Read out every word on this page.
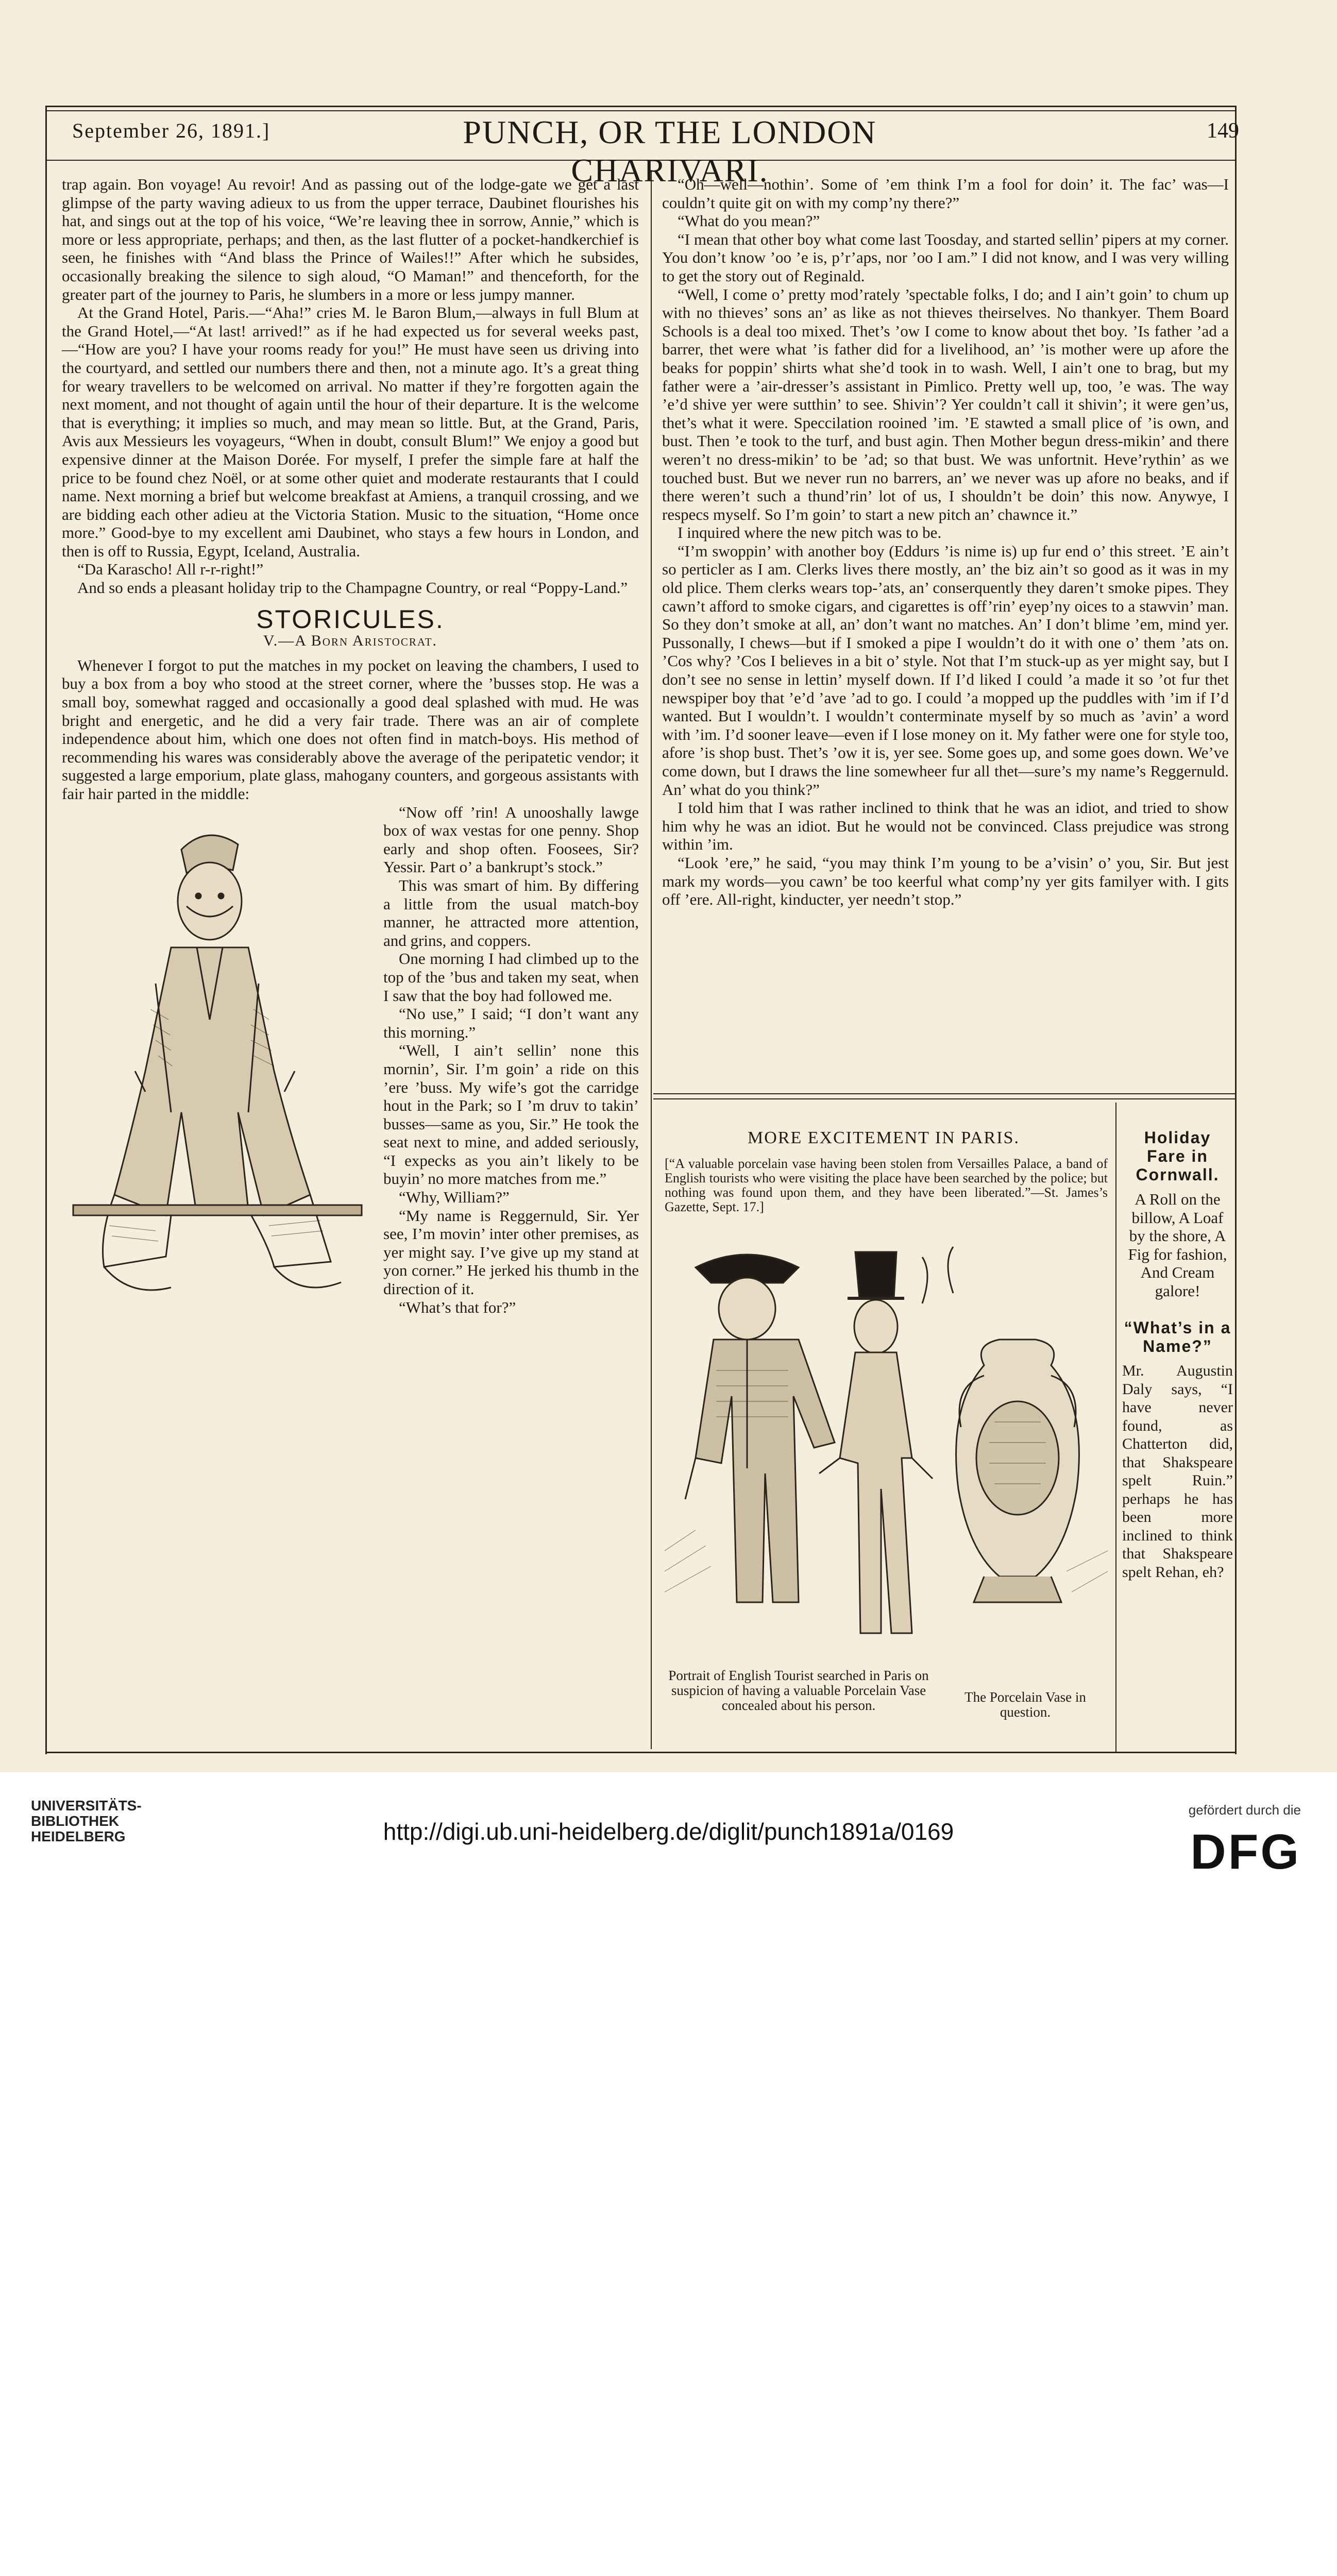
September 26, 1891.]	PUNCH, OR THE LONDON CHARIVARI.
149

trap again. Bon voyage! Au revoir! And as passing out of the lodge-gate we get a last glimpse of the party waving adieux to us from the upper terrace, Daubinet flourishes his hat, and sings out at the top of his voice, “We’re leaving thee in sorrow, Annie,” which is more or less appropriate, perhaps; and then, as the last flutter of a pocket-handkerchief is seen, he finishes with “And blass the Prince of Wailes!!” After which he subsides, occasionally breaking the silence to sigh aloud, “O Maman!” and thenceforth, for the greater part of the journey to Paris, he slumbers in a more or less jumpy manner.

At the Grand Hotel, Paris.—“Aha!” cries M. le Baron Blum,—always in full Blum at the Grand Hotel,—“At last! arrived!” as if he had expected us for several weeks past,—“How are you? I have your rooms ready for you!” He must have seen us driving into the courtyard, and settled our numbers there and then, not a minute ago. It’s a great thing for weary travellers to be welcomed on arrival. No matter if they’re forgotten again the next moment, and not thought of again until the hour of their departure. It is the welcome that is everything; it implies so much, and may mean so little. But, at the Grand, Paris, Avis aux Messieurs les voyageurs, “When in doubt, consult Blum!” We enjoy a good but expensive dinner at the Maison Dorée. For myself, I prefer the simple fare at half the price to be found chez Noël, or at some other quiet and moderate restaurants that I could name. Next morning a brief but welcome breakfast at Amiens, a tranquil crossing, and we are bidding each other adieu at the Victoria Station. Music to the situation, “Home once more.” Good-bye to my excellent ami Daubinet, who stays a few hours in London, and then is off to Russia, Egypt, Iceland, Australia.

“Da Karascho! All r-r-right!”

And so ends a pleasant holiday trip to the Champagne Country, or real “Poppy-Land.”

STORICULES.
V.—A Born Aristocrat.

Whenever I forgot to put the matches in my pocket on leaving the chambers, I used to buy a box from a boy who stood at the street corner, where the ’busses stop. He was a small boy, somewhat ragged and occasionally a good deal splashed with mud. He was bright and energetic, and he did a very fair trade. There was an air of complete independence about him, which one does not often find in match-boys. His method of recommending his wares was considerably above the average of the peripatetic vendor; it suggested a large emporium, plate glass, mahogany counters, and gorgeous assistants with fair hair parted in the middle:

“Now off ’rin! A unooshally lawge box of wax vestas for one penny. Shop early and shop often. Foosees, Sir? Yessir. Part o’ a bankrupt’s stock.”

This was smart of him. By differing a little from the usual match-boy manner, he attracted more attention, and grins, and coppers.

One morning I had climbed up to the top of the ’bus and taken my seat, when I saw that the boy had followed me.

“No use,” I said; “I don’t want any this morning.”

“Well, I ain’t sellin’ none this mornin’, Sir. I’m goin’ a ride on this ’ere ’buss. My wife’s got the carridge hout in the Park; so I ’m druv to takin’ busses—same as you, Sir.” He took the seat next to mine, and added seriously, “I expecks as you ain’t likely to be buyin’ no more matches from me.”

“Why, William?”

“My name is Reggernuld, Sir. Yer see, I’m movin’ inter other premises, as yer might say. I’ve give up my stand at yon corner.” He jerked his thumb in the direction of it.

“What’s that for?”

“Oh—well—nothin’. Some of ’em think I’m a fool for doin’ it. The fac’ was—I couldn’t quite git on with my comp’ny there?”

“What do you mean?”

“I mean that other boy what come last Toosday, and started sellin’ pipers at my corner. You don’t know ’oo ’e is, p’r’aps, nor ’oo I am.” I did not know, and I was very willing to get the story out of Reginald.

“Well, I come o’ pretty mod’rately ’spectable folks, I do; and I ain’t goin’ to chum up with no thieves’ sons an’ as like as not thieves theirselves. No thankyer. Them Board Schools is a deal too mixed. Thet’s ’ow I come to know about thet boy. ’Is father ’ad a barrer, thet were what ’is father did for a livelihood, an’ ’is mother were up afore the beaks for poppin’ shirts what she’d took in to wash. Well, I ain’t one to brag, but my father were a ’air-dresser’s assistant in Pimlico. Pretty well up, too, ’e was. The way ’e’d shive yer were sutthin’ to see. Shivin’? Yer couldn’t call it shivin’; it were gen’us, thet’s what it were. Speccilation rooined ’im. ’E stawted a small plice of ’is own, and bust. Then ’e took to the turf, and bust agin. Then Mother begun dress-mikin’ and there weren’t no dress-mikin’ to be ’ad; so that bust. We was unfortnit. Heve’rythin’ as we touched bust. But we never run no barrers, an’ we never was up afore no beaks, and if there weren’t such a thund’rin’ lot of us, I shouldn’t be doin’ this now. Anywye, I respecs myself. So I’m goin’ to start a new pitch an’ chawnce it.”

I inquired where the new pitch was to be.

“I’m swoppin’ with another boy (Eddurs ’is nime is) up fur end o’ this street. ’E ain’t so perticler as I am. Clerks lives there mostly, an’ the biz ain’t so good as it was in my old plice. Them clerks wears top-’ats, an’ conserquently they daren’t smoke pipes. They cawn’t afford to smoke cigars, and cigarettes is off’rin’ eyep’ny oices to a stawvin’ man. So they don’t smoke at all, an’ don’t want no matches. An’ I don’t blime ’em, mind yer. Pussonally, I chews—but if I smoked a pipe I wouldn’t do it with one o’ them ’ats on. ’Cos why? ’Cos I believes in a bit o’ style. Not that I’m stuck-up as yer might say, but I don’t see no sense in lettin’ myself down. If I’d liked I could ’a made it so ’ot fur thet newspiper boy that ’e’d ’ave ’ad to go. I could ’a mopped up the puddles with ’im if I’d wanted. But I wouldn’t. I wouldn’t conterminate myself by so much as ’avin’ a word with ’im. I’d sooner leave—even if I lose money on it. My father were one for style too, afore ’is shop bust. Thet’s ’ow it is, yer see. Some goes up, and some goes down. We’ve come down, but I draws the line somewheer fur all thet—sure’s my name’s Reggernuld. An’ what do you think?”

I told him that I was rather inclined to think that he was an idiot, and tried to show him why he was an idiot. But he would not be convinced. Class prejudice was strong within ’im.

“Look ’ere,” he said, “you may think I’m young to be a’visin’ o’ you, Sir. But jest mark my words—you cawn’ be too keerful what comp’ny yer gits familyer with. I gits off ’ere. All-right, kinducter, yer needn’t stop.”

MORE EXCITEMENT IN PARIS.
[“A valuable porcelain vase having been stolen from Versailles Palace, a band of English tourists who were visiting the place have been searched by the police; but nothing was found upon them, and they have been liberated.”—St. James’s Gazette, Sept. 17.]
Portrait of English Tourist searched in Paris on suspicion of having a valuable Porcelain Vase concealed about his person.
The Porcelain Vase in question.
Holiday Fare in Cornwall.
A Roll on the billow, A Loaf by the shore, A Fig for fashion, And Cream galore!
“What’s in a Name?”
Mr. Augustin Daly says, “I have never found, as Chatterton did, that Shakspeare spelt Ruin.” perhaps he has been more inclined to think that Shakspeare spelt Rehan, eh?
UNIVERSITÄTS-
BIBLIOTHEK
HEIDELBERG	http://digi.ub.uni-heidelberg.de/diglit/punch1891a/0169
gefördert durch die
DFG
